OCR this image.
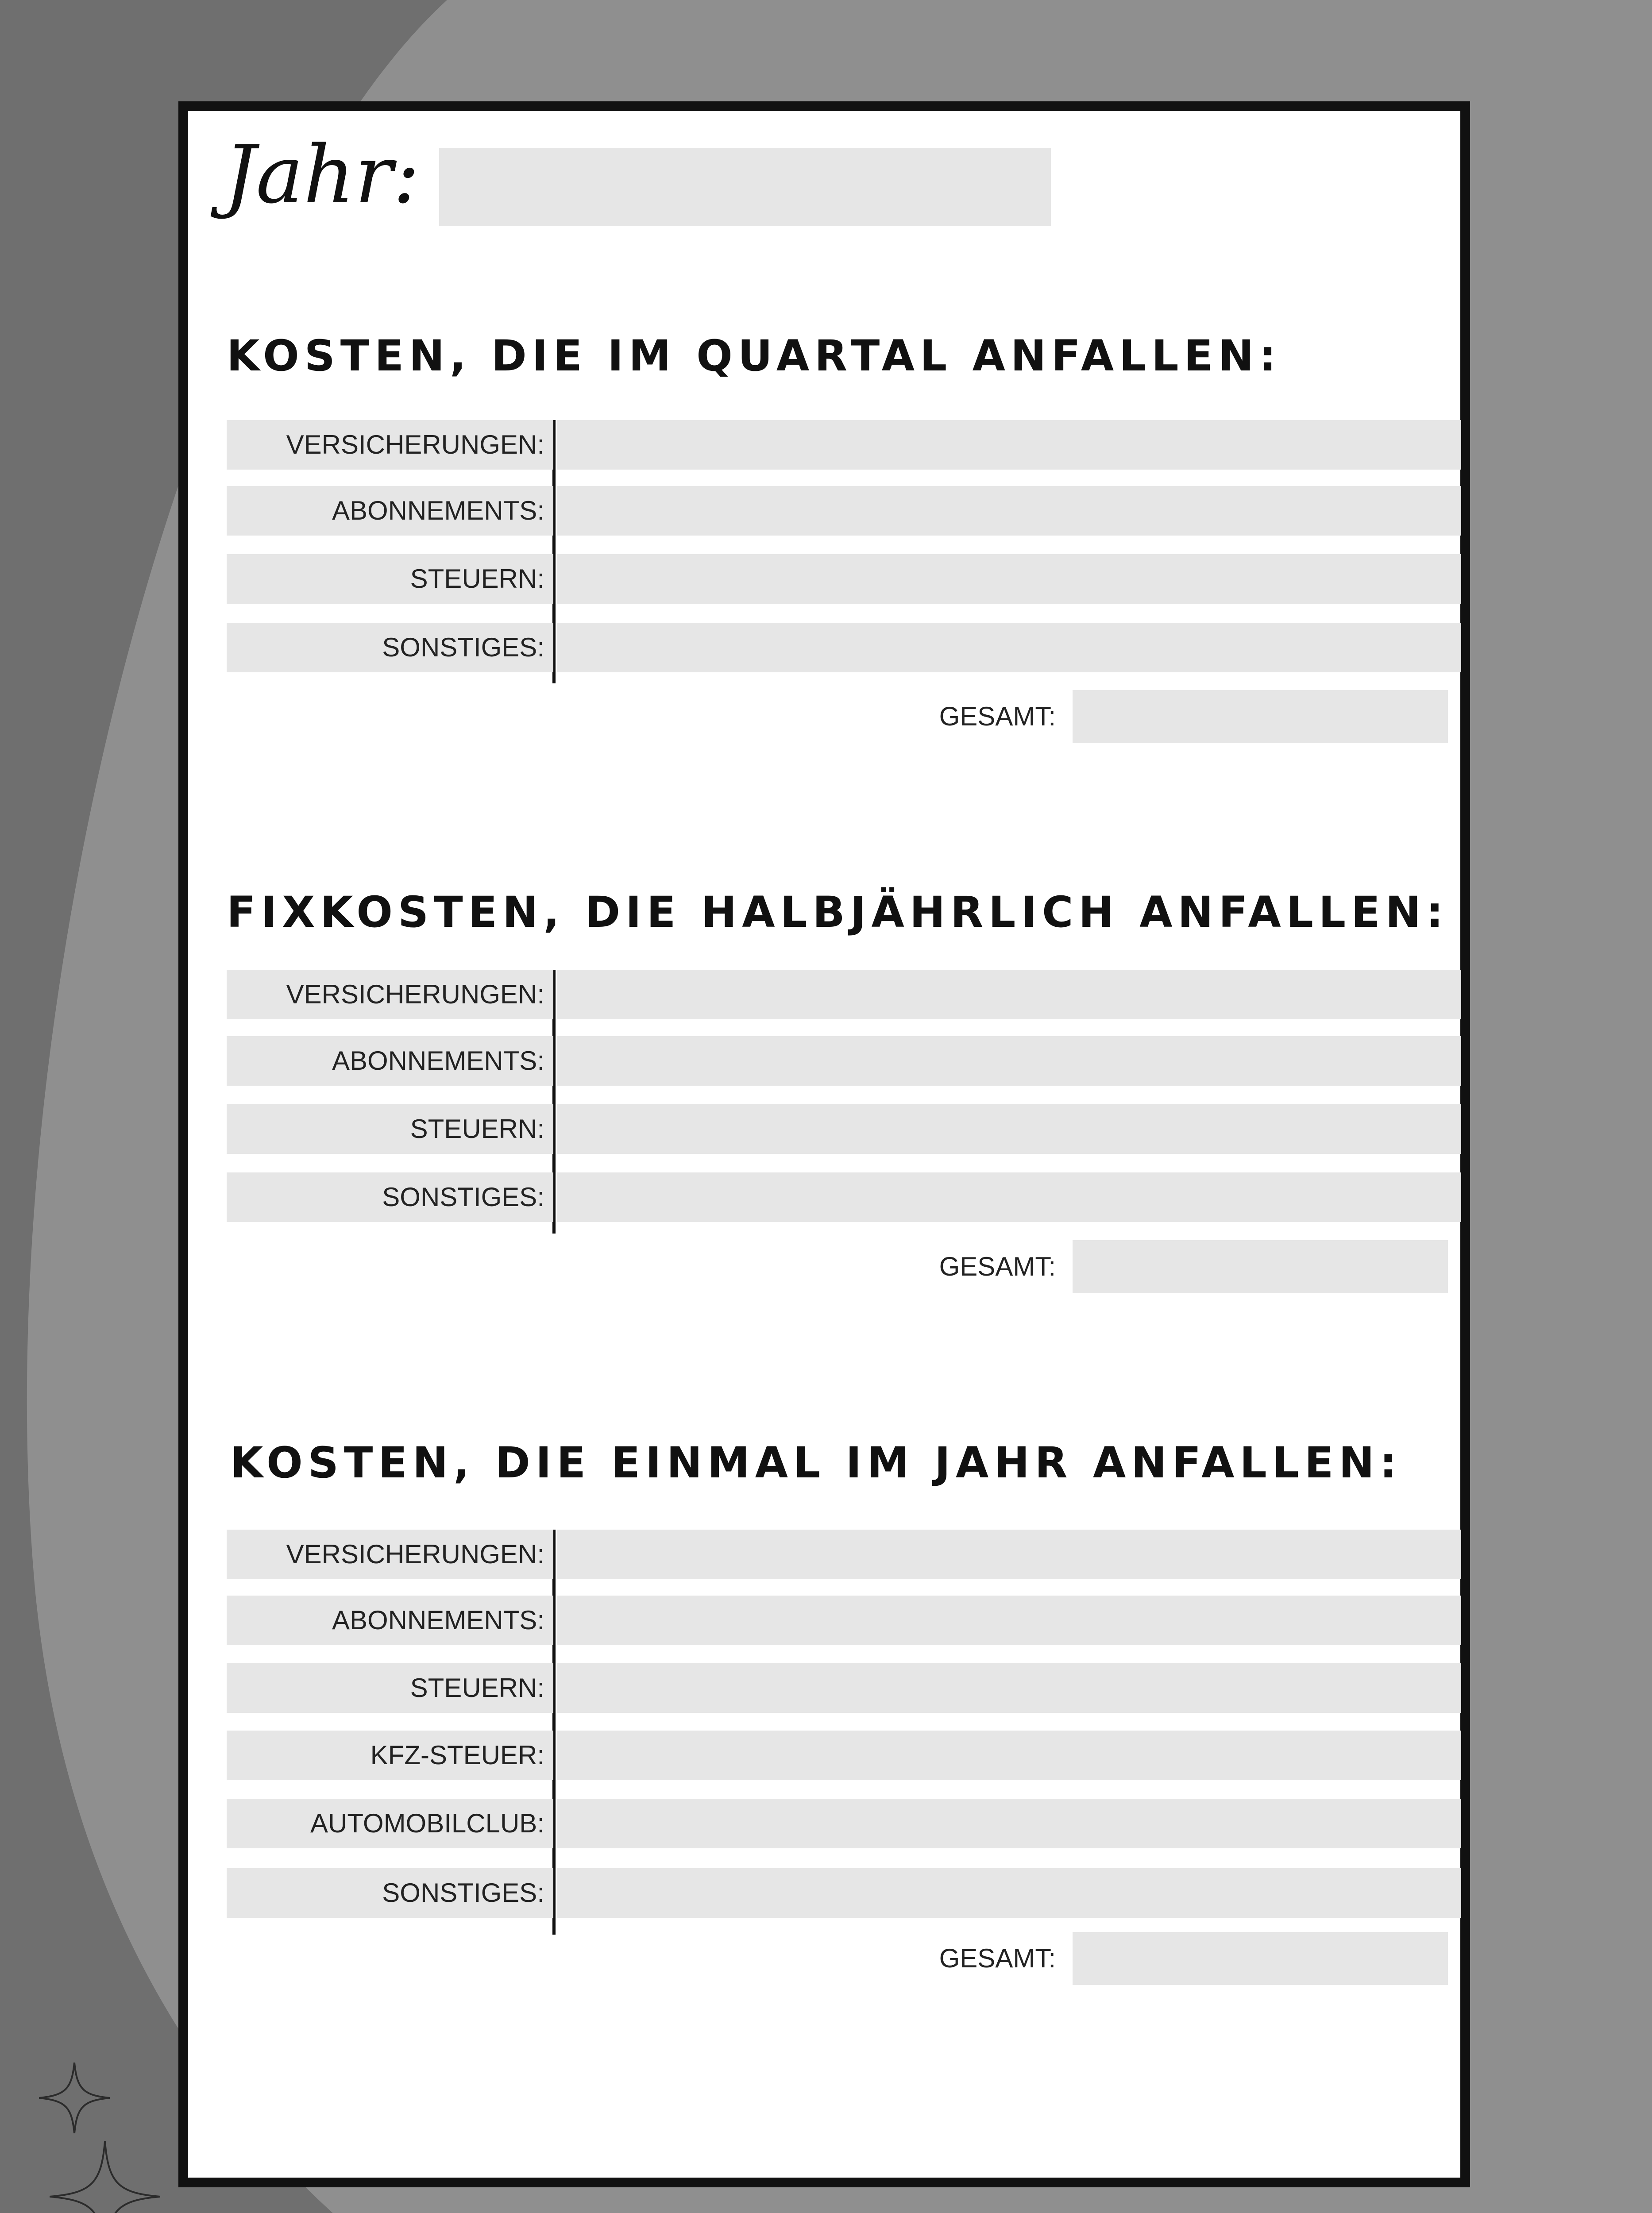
Jahr:
KOSTEN, DIE IM QUARTAL ANFALLEN:
VERSICHERUNGEN:
ABONNEMENTS:
STEUERN:
SONSTIGES:
GESAMT:
FIXKOSTEN, DIE HALBJÄHRLICH ANFALLEN:
VERSICHERUNGEN:
ABONNEMENTS:
STEUERN:
SONSTIGES:
GESAMT:
KOSTEN, DIE EINMAL IM JAHR ANFALLEN:
VERSICHERUNGEN:
ABONNEMENTS:
STEUERN:
KFZ-STEUER:
AUTOMOBILCLUB:
SONSTIGES:
GESAMT:
